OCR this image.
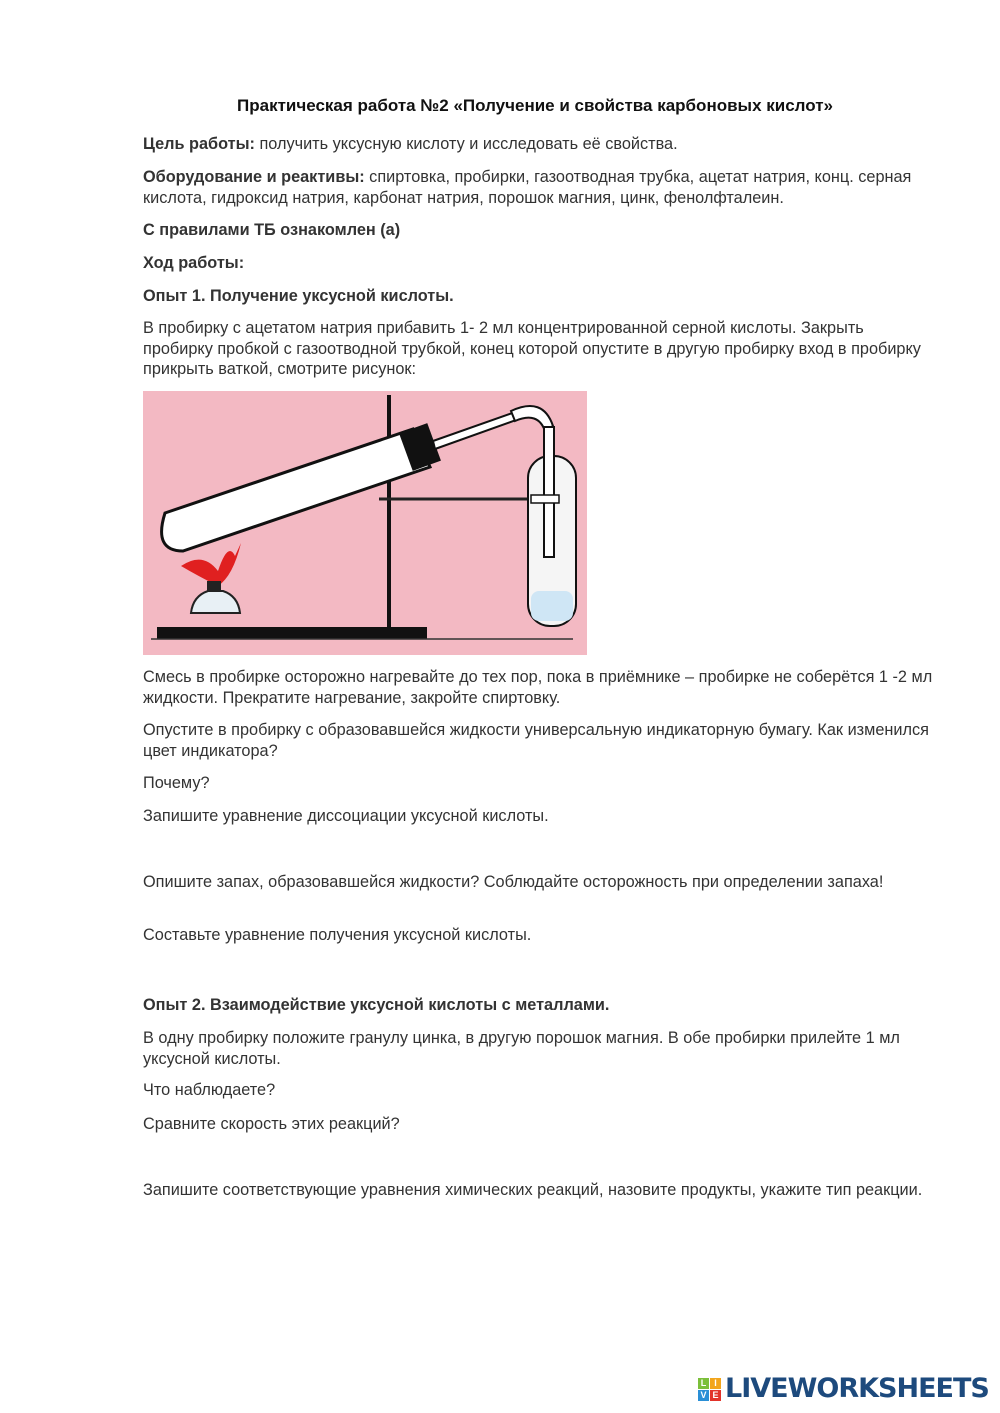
Практическая работа №2 «Получение и свойства карбоновых кислот»
Цель работы: получить уксусную кислоту и исследовать её свойства.
Оборудование и реактивы: спиртовка, пробирки, газоотводная трубка, ацетат натрия, конц. серная кислота, гидроксид натрия, карбонат натрия, порошок магния, цинк, фенолфталеин.
С правилами ТБ ознакомлен (а)
Ход работы:
Опыт 1. Получение уксусной кислоты.
В пробирку с ацетатом натрия прибавить 1- 2 мл концентрированной серной кислоты. Закрыть пробирку пробкой с газоотводной трубкой, конец которой опустите в другую пробирку вход в пробирку прикрыть ваткой, смотрите рисунок:
Смесь в пробирке осторожно нагревайте до тех пор, пока в приёмнике – пробирке не соберётся 1 -2 мл жидкости. Прекратите нагревание, закройте спиртовку.
Опустите в пробирку с образовавшейся жидкости универсальную индикаторную бумагу. Как изменился цвет индикатора?
Почему?
Запишите уравнение диссоциации уксусной кислоты.
Опишите запах, образовавшейся жидкости? Соблюдайте осторожность при определении запаха!
Составьте уравнение получения уксусной кислоты.
Опыт 2. Взаимодействие уксусной кислоты с металлами.
В одну пробирку положите гранулу цинка, в другую порошок магния. В обе пробирки прилейте 1 мл уксусной кислоты.
Что наблюдаете?
Сравните скорость этих реакций?
Запишите соответствующие уравнения химических реакций, назовите продукты, укажите тип реакции.
L I
V E LIVEWORKSHEETS
